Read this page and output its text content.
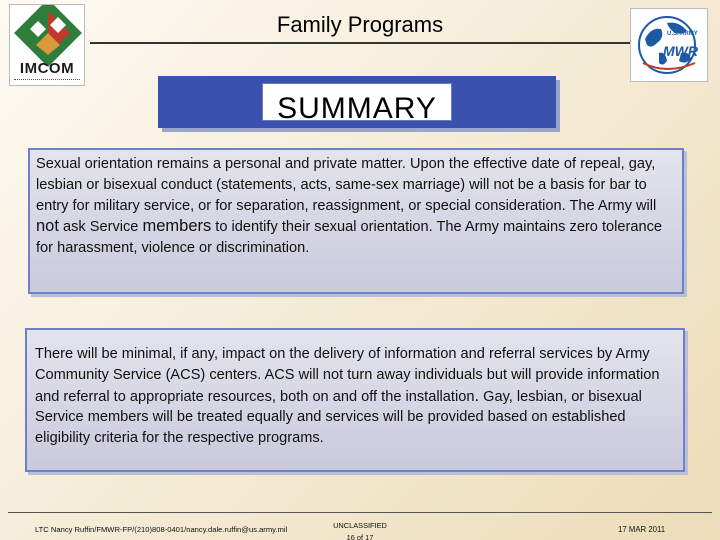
IMCOM
Family Programs	U.S. ARMY
MWR
SUMMARY
Sexual orientation remains a personal and private matter. Upon the effective date of repeal, gay, lesbian or bisexual conduct (statements, acts, same-sex marriage) will not be a basis for bar to entry for military service, or for separation, reassignment, or special consideration. The Army will not ask Service members to identify their sexual orientation. The Army maintains zero tolerance for harassment, violence or discrimination.
There will be minimal, if any, impact on the delivery of information and referral services by Army Community Service (ACS) centers. ACS will not turn away individuals but will provide information and referral to appropriate resources, both on and off the installation. Gay, lesbian, or bisexual Service members will be treated equally and services will be provided based on established eligibility criteria for the respective programs.
LTC Nancy Ruffin/FMWR-FP/(210)808-0401/nancy.dale.ruffin@us.army.mil	UNCLASSIFIED
16 of 17
17 MAR 2011
